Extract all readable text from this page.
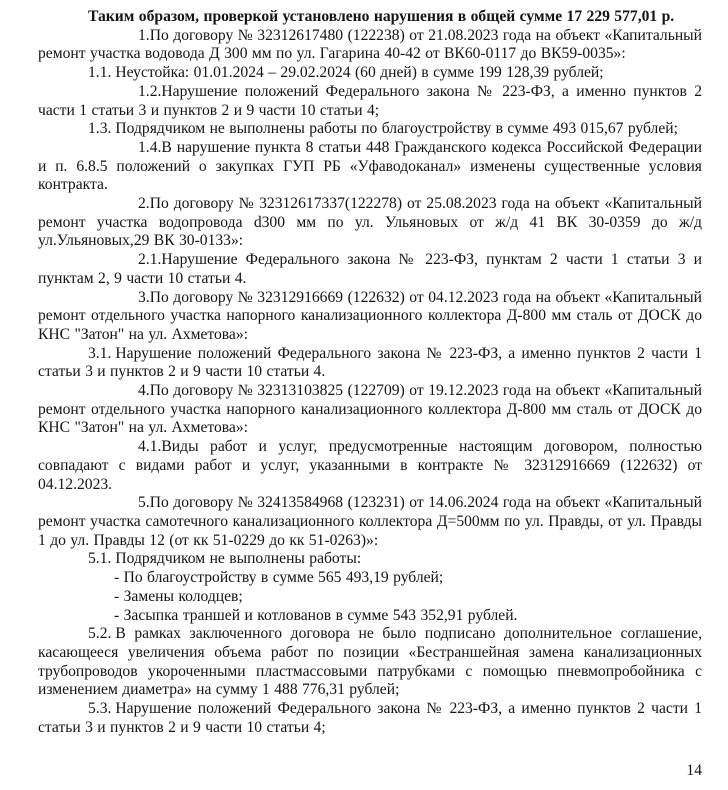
Таким образом, проверкой установлено нарушения в общей сумме 17 229 577,01 р.

1.По договору № 32312617480 (122238) от 21.08.2023 года на объект «Капитальный ремонт участка водовода Д 300 мм по ул. Гагарина 40-42 от ВК60-0117 до ВК59-0035»:

1.1. Неустойка: 01.01.2024 – 29.02.2024 (60 дней) в сумме 199 128,39 рублей;

1.2.Нарушение положений Федерального закона № 223-ФЗ, а именно пунктов 2 части 1 статьи 3 и пунктов 2 и 9 части 10 статьи 4;

1.3. Подрядчиком не выполнены работы по благоустройству в сумме 493 015,67 рублей;

1.4.В нарушение пункта 8 статьи 448 Гражданского кодекса Российской Федерации и п. 6.8.5 положений о закупках ГУП РБ «Уфаводоканал» изменены существенные условия контракта.

2.По договору № 32312617337(122278) от 25.08.2023 года на объект «Капитальный ремонт участка водопровода d300 мм по ул. Ульяновых от ж/д 41 ВК 30-0359 до ж/д ул.Ульяновых,29 ВК 30-0133»:

2.1.Нарушение Федерального закона № 223-ФЗ, пунктам 2 части 1 статьи 3 и пунктам 2, 9 части 10 статьи 4.

3.По договору № 32312916669 (122632) от 04.12.2023 года на объект «Капитальный ремонт отдельного участка напорного канализационного коллектора Д-800 мм сталь от ДОСК до КНС "Затон" на ул. Ахметова»:

3.1. Нарушение положений Федерального закона № 223-ФЗ, а именно пунктов 2 части 1 статьи 3 и пунктов 2 и 9 части 10 статьи 4.

4.По договору № 32313103825 (122709) от 19.12.2023 года на объект «Капитальный ремонт отдельного участка напорного канализационного коллектора Д-800 мм сталь от ДОСК до КНС "Затон" на ул. Ахметова»:

4.1.Виды работ и услуг, предусмотренные настоящим договором, полностью совпадают с видами работ и услуг, указанными в контракте № 32312916669 (122632) от 04.12.2023.

5.По договору № 32413584968 (123231) от 14.06.2024 года на объект «Капитальный ремонт участка самотечного канализационного коллектора Д=500мм по ул. Правды, от ул. Правды 1 до ул. Правды 12 (от кк 51-0229 до кк 51-0263)»:

5.1. Подрядчиком не выполнены работы:

- По благоустройству в сумме 565 493,19 рублей;

- Замены колодцев;

- Засыпка траншей и котлованов в сумме 543 352,91 рублей.

5.2. В рамках заключенного договора не было подписано дополнительное соглашение, касающееся увеличения объема работ по позиции «Бестраншейная замена канализационных трубопроводов укороченными пластмассовыми патрубками с помощью пневмопробойника с изменением диаметра» на сумму 1 488 776,31 рублей;

5.3. Нарушение положений Федерального закона № 223-ФЗ, а именно пунктов 2 части 1 статьи 3 и пунктов 2 и 9 части 10 статьи 4;

14
